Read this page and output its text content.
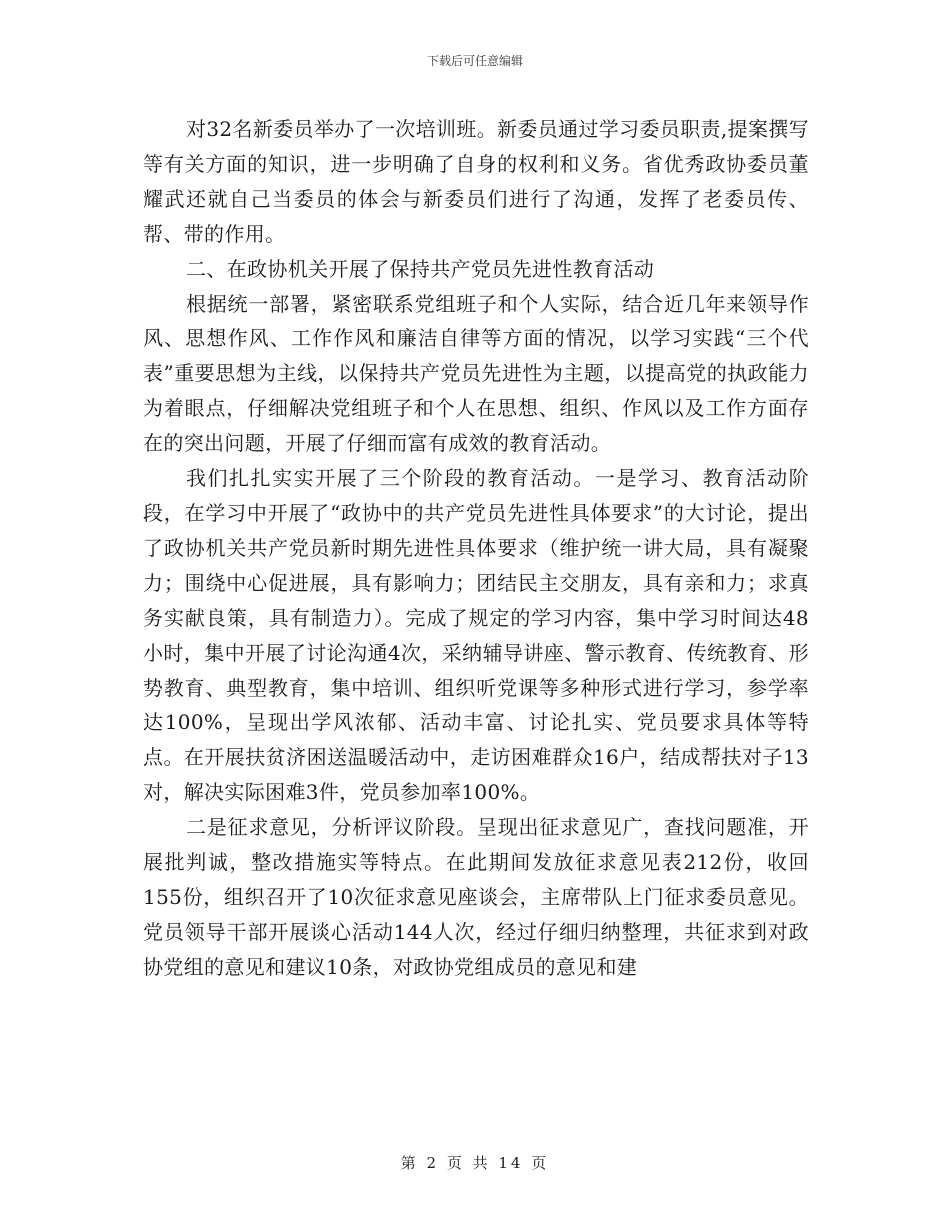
下载后可任意编辑

对32名新委员举办了一次培训班。新委员通过学习委员职责,提案撰写等有关方面的知识，进一步明确了自身的权利和义务。省优秀政协委员董耀武还就自己当委员的体会与新委员们进行了沟通，发挥了老委员传、帮、带的作用。

二、在政协机关开展了保持共产党员先进性教育活动

根据统一部署，紧密联系党组班子和个人实际，结合近几年来领导作风、思想作风、工作作风和廉洁自律等方面的情况，以学习实践“三个代表”重要思想为主线，以保持共产党员先进性为主题，以提高党的执政能力为着眼点，仔细解决党组班子和个人在思想、组织、作风以及工作方面存在的突出问题，开展了仔细而富有成效的教育活动。

我们扎扎实实开展了三个阶段的教育活动。一是学习、教育活动阶段，在学习中开展了“政协中的共产党员先进性具体要求”的大讨论，提出了政协机关共产党员新时期先进性具体要求（维护统一讲大局，具有凝聚力；围绕中心促进展，具有影响力；团结民主交朋友，具有亲和力；求真务实献良策，具有制造力）。完成了规定的学习内容，集中学习时间达48小时，集中开展了讨论沟通4次，采纳辅导讲座、警示教育、传统教育、形势教育、典型教育，集中培训、组织听党课等多种形式进行学习，参学率达100%，呈现出学风浓郁、活动丰富、讨论扎实、党员要求具体等特点。在开展扶贫济困送温暖活动中，走访困难群众16户，结成帮扶对子13对，解决实际困难3件，党员参加率100%。

二是征求意见，分析评议阶段。呈现出征求意见广，查找问题准，开展批判诚，整改措施实等特点。在此期间发放征求意见表212份，收回155份，组织召开了10次征求意见座谈会，主席带队上门征求委员意见。党员领导干部开展谈心活动144人次，经过仔细归纳整理，共征求到对政协党组的意见和建议10条，对政协党组成员的意见和建

第 2 页 共 14 页
